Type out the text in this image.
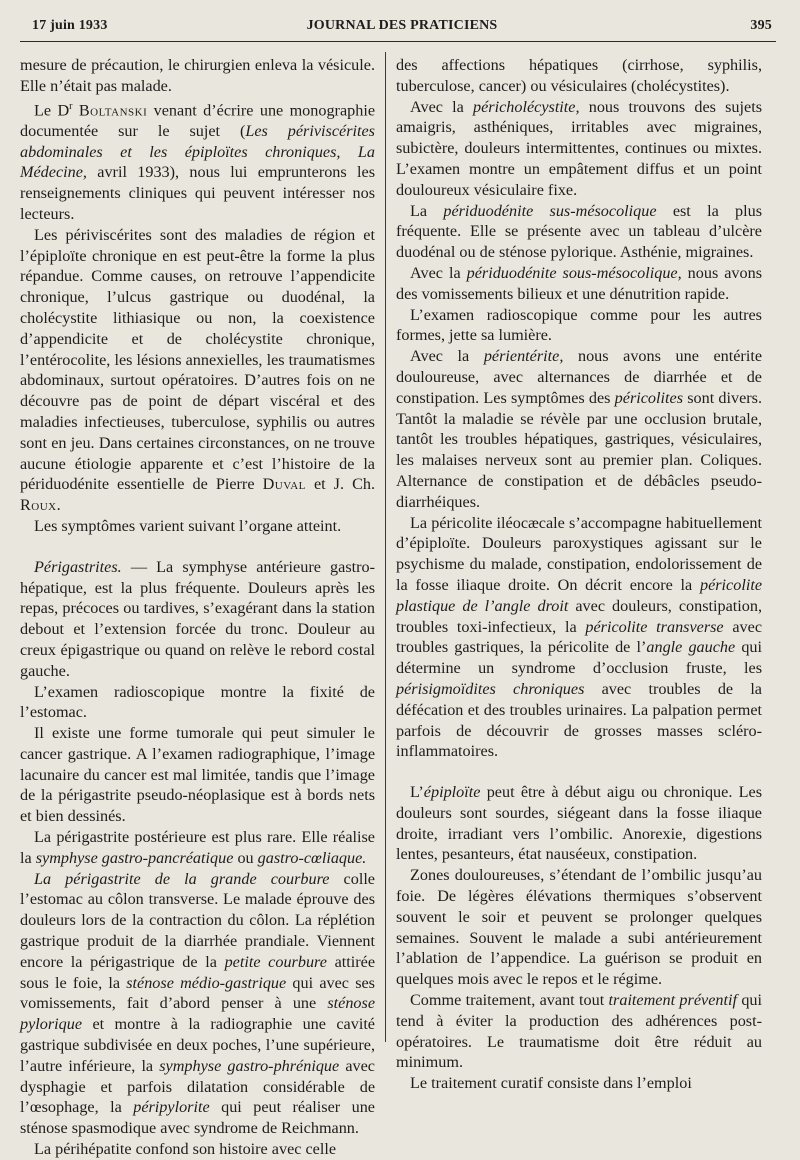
17 juin 1933	JOURNAL DES PRATICIENS	395

mesure de précaution, le chirurgien enleva la vésicule. Elle n’était pas malade.

Le $D^r$ Boltanski venant d’écrire une monographie documentée sur le sujet (Les périviscérites abdominales et les épiploïtes chroniques, La Médecine, avril 1933), nous lui emprunterons les renseignements cliniques qui peuvent intéresser nos lecteurs.

Les périviscérites sont des maladies de région et l’épiploïte chronique en est peut-être la forme la plus répandue. Comme causes, on retrouve l’appendicite chronique, l’ulcus gastrique ou duodénal, la cholécystite lithiasique ou non, la coexistence d’appendicite et de cholécystite chronique, l’entérocolite, les lésions annexielles, les traumatismes abdominaux, surtout opératoires. D’autres fois on ne découvre pas de point de départ viscéral et des maladies infectieuses, tuberculose, syphilis ou autres sont en jeu. Dans certaines circonstances, on ne trouve aucune étiologie apparente et c’est l’histoire de la périduodénite essentielle de Pierre Duval et J. Ch. Roux.

Les symptômes varient suivant l’organe atteint.

Périgastrites. — La symphyse antérieure gastro-hépatique, est la plus fréquente. Douleurs après les repas, précoces ou tardives, s’exagérant dans la station debout et l’extension forcée du tronc. Douleur au creux épigastrique ou quand on relève le rebord costal gauche.

L’examen radioscopique montre la fixité de l’estomac.

Il existe une forme tumorale qui peut simuler le cancer gastrique. A l’examen radiographique, l’image lacunaire du cancer est mal limitée, tandis que l’image de la périgastrite pseudo-néoplasique est à bords nets et bien dessinés.

La périgastrite postérieure est plus rare. Elle réalise la symphyse gastro-pancréatique ou gastro-cœliaque.

La périgastrite de la grande courbure colle l’estomac au côlon transverse. Le malade éprouve des douleurs lors de la contraction du côlon. La réplétion gastrique produit de la diarrhée prandiale. Viennent encore la périgastrique de la petite courbure attirée sous le foie, la sténose médio-gastrique qui avec ses vomissements, fait d’abord penser à une sténose pylorique et montre à la radiographie une cavité gastrique subdivisée en deux poches, l’une supérieure, l’autre inférieure, la symphyse gastro-phrénique avec dysphagie et parfois dilatation considérable de l’œsophage, la péripylorite qui peut réaliser une sténose spasmodique avec syndrome de Reichmann.

La périhépatite confond son histoire avec celle

des affections hépatiques (cirrhose, syphilis, tuberculose, cancer) ou vésiculaires (cholécystites).

Avec la péricholécystite, nous trouvons des sujets amaigris, asthéniques, irritables avec migraines, subictère, douleurs intermittentes, continues ou mixtes. L’examen montre un empâtement diffus et un point douloureux vésiculaire fixe.

La périduodénite sus-mésocolique est la plus fréquente. Elle se présente avec un tableau d’ulcère duodénal ou de sténose pylorique. Asthénie, migraines.

Avec la périduodénite sous-mésocolique, nous avons des vomissements bilieux et une dénutrition rapide.

L’examen radioscopique comme pour les autres formes, jette sa lumière.

Avec la périentérite, nous avons une entérite douloureuse, avec alternances de diarrhée et de constipation. Les symptômes des péricolites sont divers. Tantôt la maladie se révèle par une occlusion brutale, tantôt les troubles hépatiques, gastriques, vésiculaires, les malaises nerveux sont au premier plan. Coliques. Alternance de constipation et de débâcles pseudo-diarrhéiques.

La péricolite iléocæcale s’accompagne habituellement d’épiploïte. Douleurs paroxystiques agissant sur le psychisme du malade, constipation, endolorissement de la fosse iliaque droite. On décrit encore la péricolite plastique de l’angle droit avec douleurs, constipation, troubles toxi-infectieux, la péricolite transverse avec troubles gastriques, la péricolite de l’angle gauche qui détermine un syndrome d’occlusion fruste, les périsigmoïdites chroniques avec troubles de la défécation et des troubles urinaires. La palpation permet parfois de découvrir de grosses masses scléro-inflammatoires.

L’épiploïte peut être à début aigu ou chronique. Les douleurs sont sourdes, siégeant dans la fosse iliaque droite, irradiant vers l’ombilic. Anorexie, digestions lentes, pesanteurs, état nauséeux, constipation.

Zones douloureuses, s’étendant de l’ombilic jusqu’au foie. De légères élévations thermiques s’observent souvent le soir et peuvent se prolonger quelques semaines. Souvent le malade a subi antérieurement l’ablation de l’appendice. La guérison se produit en quelques mois avec le repos et le régime.

Comme traitement, avant tout traitement préventif qui tend à éviter la production des adhérences post-opératoires. Le traumatisme doit être réduit au minimum.

Le traitement curatif consiste dans l’emploi
